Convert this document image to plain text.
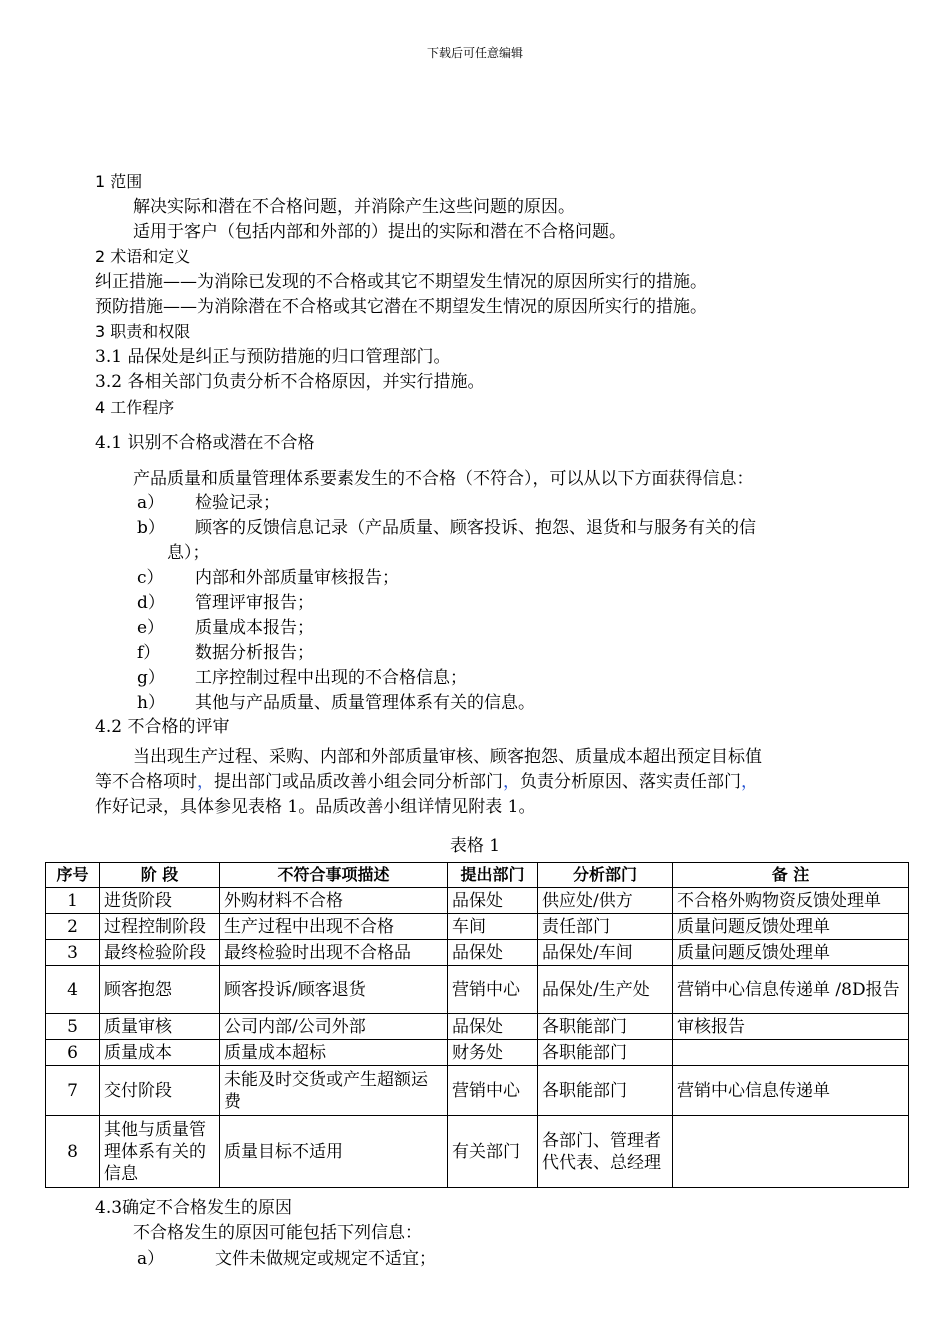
下载后可任意编辑
1 范围
解决实际和潜在不合格问题，并消除产生这些问题的原因。
适用于客户（包括内部和外部的）提出的实际和潜在不合格问题。
2 术语和定义
纠正措施——为消除已发现的不合格或其它不期望发生情况的原因所实行的措施。
预防措施——为消除潜在不合格或其它潜在不期望发生情况的原因所实行的措施。
3 职责和权限
3.1 品保处是纠正与预防措施的归口管理部门。
3.2 各相关部门负责分析不合格原因，并实行措施。
4 工作程序
4.1 识别不合格或潜在不合格
产品质量和质量管理体系要素发生的不合格（不符合），可以从以下方面获得信息：
a） 检验记录；
b） 顾客的反馈信息记录（产品质量、顾客投诉、抱怨、退货和与服务有关的信
息）；
c） 内部和外部质量审核报告；
d） 管理评审报告；
e） 质量成本报告；
f） 数据分析报告；
g） 工序控制过程中出现的不合格信息；
h） 其他与产品质量、质量管理体系有关的信息。
4.2 不合格的评审
当出现生产过程、采购、内部和外部质量审核、顾客抱怨、质量成本超出预定目标值
等不合格项时，提出部门或品质改善小组会同分析部门，负责分析原因、落实责任部门，
作好记录，具体参见表格 1。品质改善小组详情见附表 1。
表格 1
序号	阶 段	不符合事项描述	提出部门	分析部门	备 注
1	进货阶段	外购材料不合格	品保处	供应处/供方	不合格外购物资反馈处理单
2	过程控制阶段	生产过程中出现不合格	车间	责任部门	质量问题反馈处理单
3	最终检验阶段	最终检验时出现不合格品	品保处	品保处/车间	质量问题反馈处理单
4	顾客抱怨	顾客投诉/顾客退货	营销中心	品保处/生产处	营销中心信息传递单 /8D报告
5	质量审核	公司内部/公司外部	品保处	各职能部门	审核报告
6	质量成本	质量成本超标	财务处	各职能部门	
7	交付阶段	未能及时交货或产生超额运费	营销中心	各职能部门	营销中心信息传递单
8	其他与质量管理体系有关的信息	质量目标不适用	有关部门	各部门、管理者代代表、总经理	
4.3确定不合格发生的原因
不合格发生的原因可能包括下列信息：
a）	文件未做规定或规定不适宜；
